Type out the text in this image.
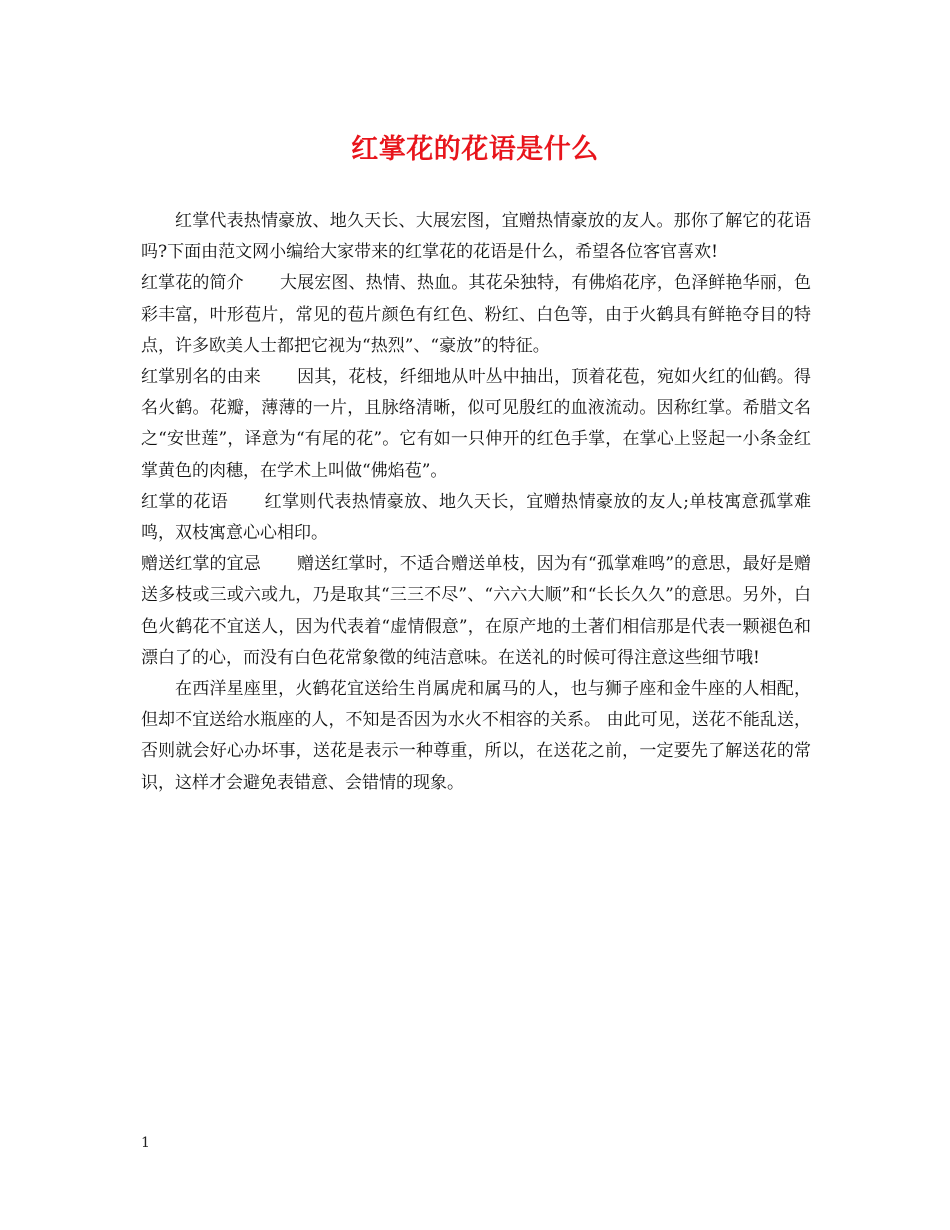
红掌花的花语是什么

红掌代表热情豪放、地久天长、大展宏图，宜赠热情豪放的友人。那你了解它的花语吗?下面由范文网小编给大家带来的红掌花的花语是什么，希望各位客官喜欢!

红掌花的简介 大展宏图、热情、热血。其花朵独特，有佛焰花序，色泽鲜艳华丽，色彩丰富，叶形苞片，常见的苞片颜色有红色、粉红、白色等，由于火鹤具有鲜艳夺目的特点，许多欧美人士都把它视为“热烈”、“豪放”的特征。

红掌别名的由来 因其，花枝，纤细地从叶丛中抽出，顶着花苞，宛如火红的仙鹤。得名火鹤。花瓣，薄薄的一片，且脉络清晰，似可见殷红的血液流动。因称红掌。希腊文名之“安世莲”，译意为“有尾的花”。它有如一只伸开的红色手掌，在掌心上竖起一小条金红掌黄色的肉穗，在学术上叫做“佛焰苞”。

红掌的花语 红掌则代表热情豪放、地久天长，宜赠热情豪放的友人;单枝寓意孤掌难鸣，双枝寓意心心相印。

赠送红掌的宜忌 赠送红掌时，不适合赠送单枝，因为有“孤掌难鸣”的意思，最好是赠送多枝或三或六或九，乃是取其“三三不尽”、“六六大顺”和“长长久久”的意思。另外，白色火鹤花不宜送人，因为代表着“虚情假意”，在原产地的土著们相信那是代表一颗褪色和漂白了的心，而没有白色花常象徵的纯洁意味。在送礼的时候可得注意这些细节哦!

在西洋星座里，火鹤花宜送给生肖属虎和属马的人，也与狮子座和金牛座的人相配，但却不宜送给水瓶座的人，不知是否因为水火不相容的关系。 由此可见，送花不能乱送，否则就会好心办坏事，送花是表示一种尊重，所以，在送花之前，一定要先了解送花的常识，这样才会避免表错意、会错情的现象。

1
